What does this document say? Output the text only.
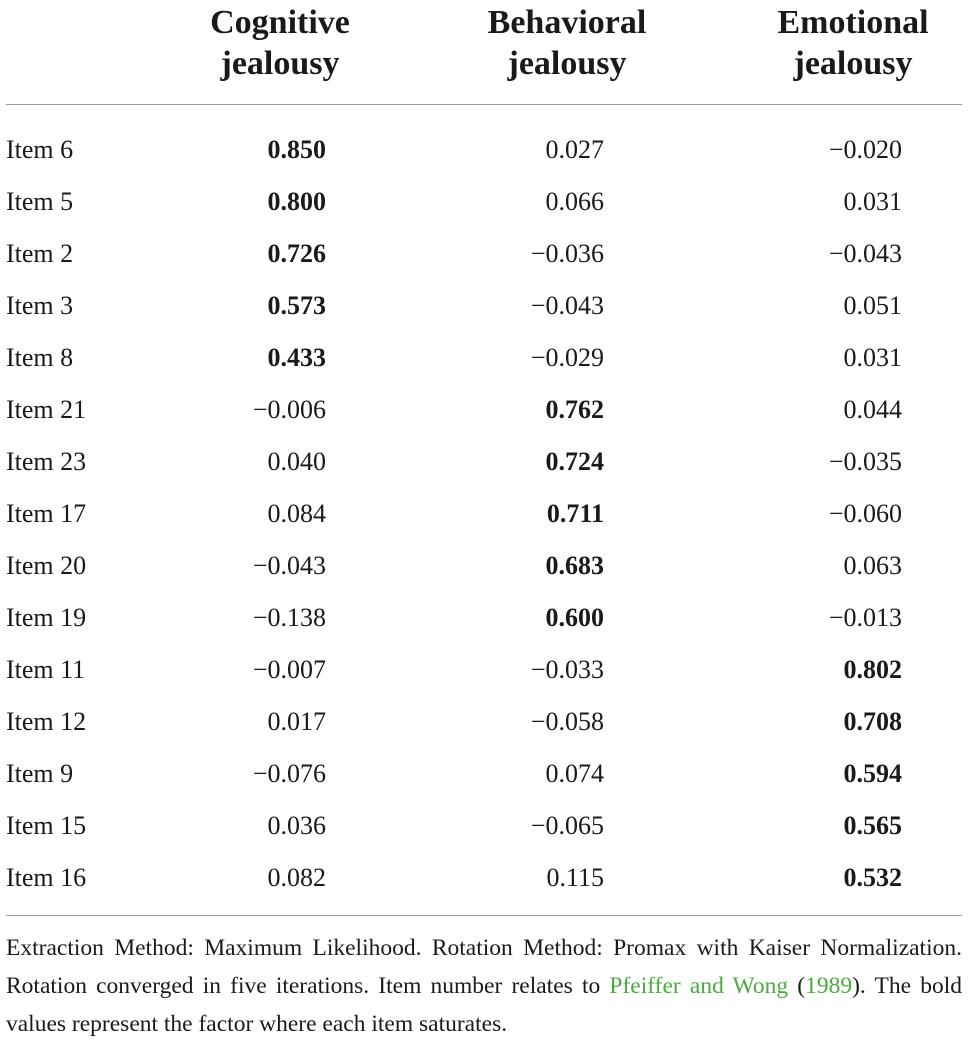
Cognitive
jealousy
Behavioral
jealousy
Emotional
jealousy
Item 6	0.850	0.027	−0.020
Item 5	0.800	0.066	0.031
Item 2	0.726	−0.036	−0.043
Item 3	0.573	−0.043	0.051
Item 8	0.433	−0.029	0.031
Item 21	−0.006	0.762	0.044
Item 23	0.040	0.724	−0.035
Item 17	0.084	0.711	−0.060
Item 20	−0.043	0.683	0.063
Item 19	−0.138	0.600	−0.013
Item 11	−0.007	−0.033	0.802
Item 12	0.017	−0.058	0.708
Item 9	−0.076	0.074	0.594
Item 15	0.036	−0.065	0.565
Item 16	0.082	0.115	0.532
Extraction Method: Maximum Likelihood. Rotation Method: Promax with Kaiser Normalization. Rotation converged in five iterations. Item number relates to Pfeiffer and Wong (1989). The bold values represent the factor where each item saturates.
